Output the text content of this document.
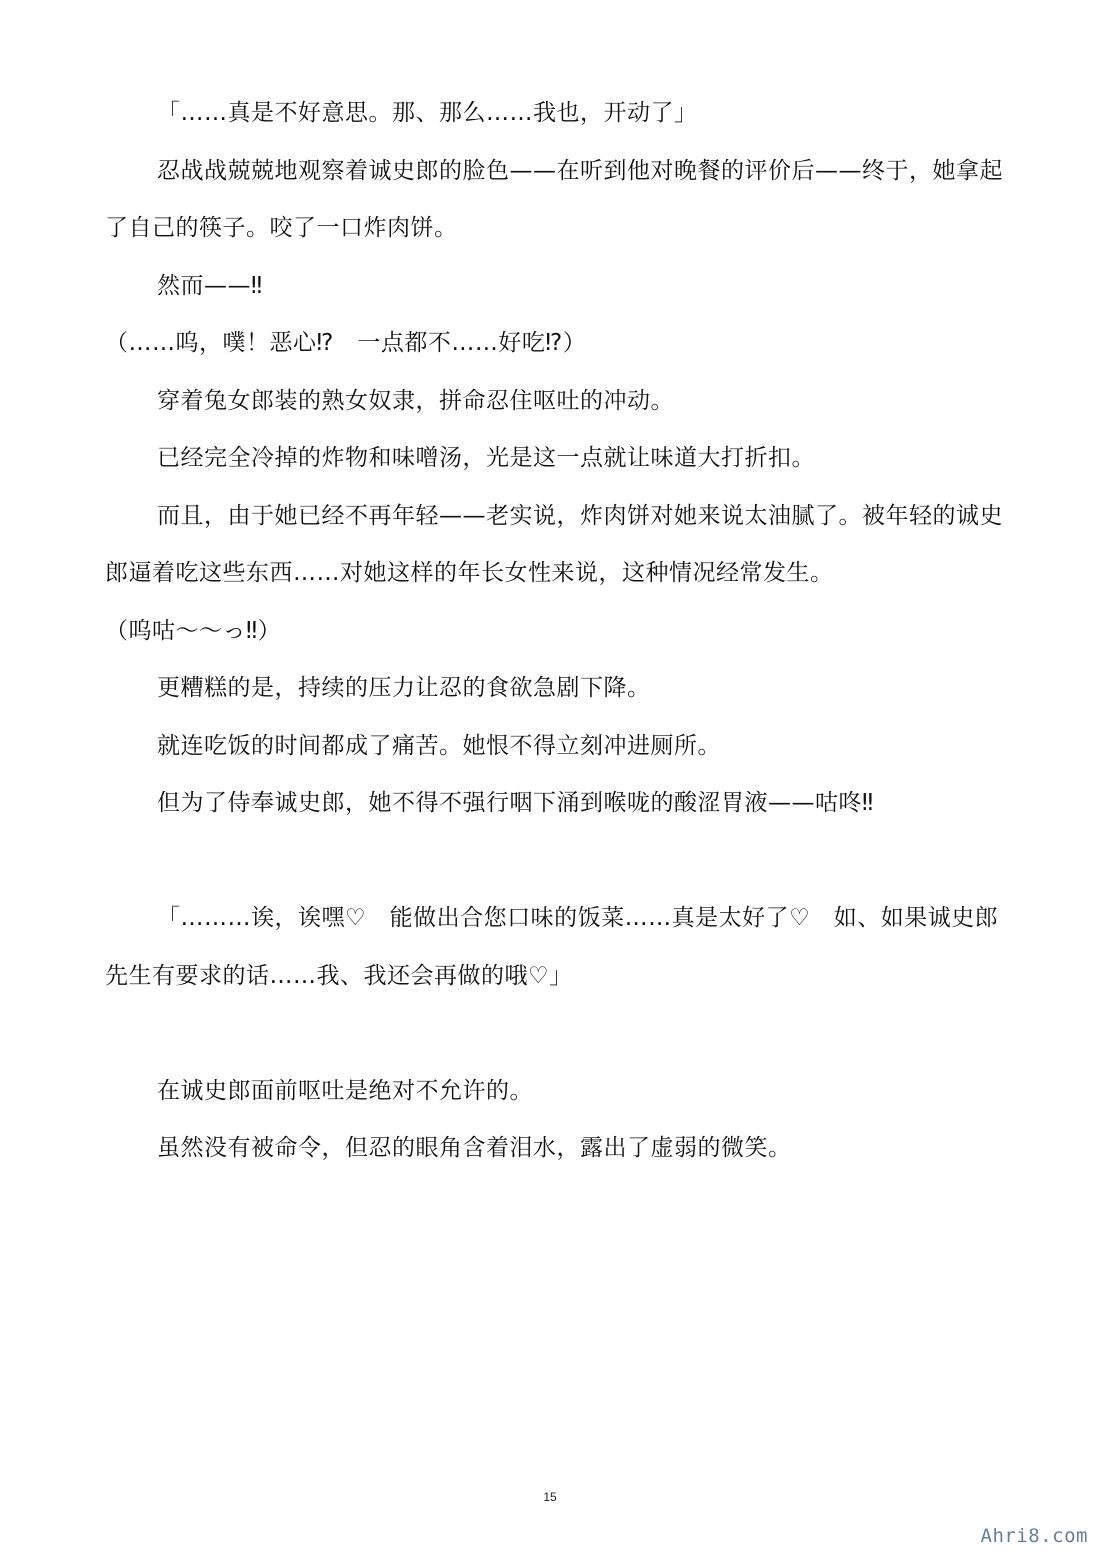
「……真是不好意思。那、那么……我也，开动了」

忍战战兢兢地观察着诚史郎的脸色——在听到他对晚餐的评价后——终于，她拿起了自己的筷子。咬了一口炸肉饼。

然而——‼

（……呜，噗！恶心⁉　一点都不……好吃⁉）

穿着兔女郎装的熟女奴隶，拼命忍住呕吐的冲动。

已经完全冷掉的炸物和味噌汤，光是这一点就让味道大打折扣。

而且，由于她已经不再年轻——老实说，炸肉饼对她来说太油腻了。被年轻的诚史郎逼着吃这些东西……对她这样的年长女性来说，这种情况经常发生。

（呜咕～～っ‼）

更糟糕的是，持续的压力让忍的食欲急剧下降。

就连吃饭的时间都成了痛苦。她恨不得立刻冲进厕所。

但为了侍奉诚史郎，她不得不强行咽下涌到喉咙的酸涩胃液——咕咚‼

「………诶，诶嘿♡　能做出合您口味的饭菜……真是太好了♡　如、如果诚史郎先生有要求的话……我、我还会再做的哦♡」

在诚史郎面前呕吐是绝对不允许的。

虽然没有被命令，但忍的眼角含着泪水，露出了虚弱的微笑。

15
Ahri8.com
